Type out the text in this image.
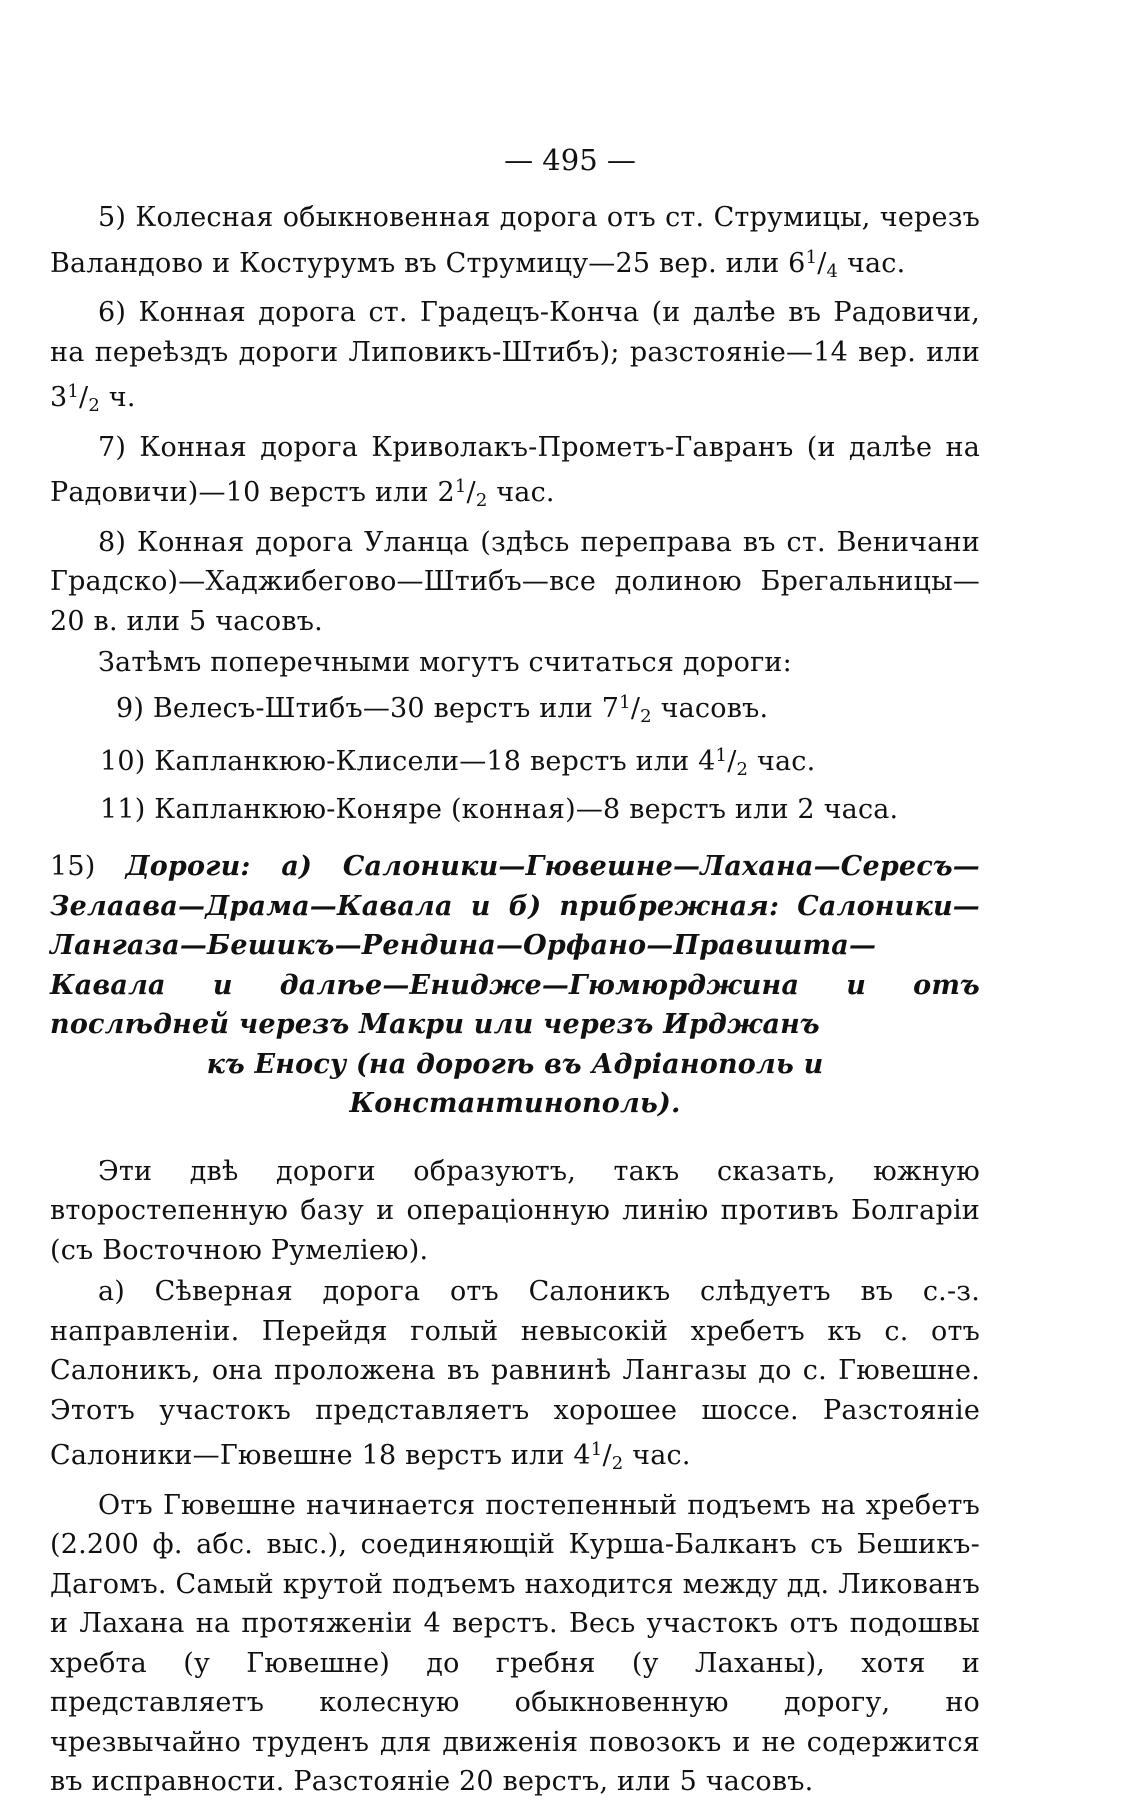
— 495 —

5) Колесная обыкновенная дорога отъ ст. Струмицы, черезъ Валандово и Костурумъ въ Струмицу—25 вер. или $6^1/_4$ час.

6) Конная дорога ст. Градецъ-Конча (и далѣе въ Радовичи, на переѣздъ дороги Липовикъ-Штибъ); разстояніе—14 вер. или $3^1/_2$ ч.

7) Конная дорога Криволакъ-Прометъ-Гавранъ (и далѣе на Радовичи)—10 верстъ или $2^1/_2$ час.

8) Конная дорога Уланца (здѣсь переправа въ ст. Веничани Градско)—Хаджибегово—Штибъ—все долиною Брегальницы—20 в. или 5 часовъ.

Затѣмъ поперечными могутъ считаться дороги:

9) Велесъ-Штибъ—30 верстъ или $7^1/_2$ часовъ.

10) Капланкюю-Клисели—18 верстъ или $4^1/_2$ час.

11) Капланкюю-Коняре (конная)—8 верстъ или 2 часа.

15) Дороги: а) Салоники—Гювешне—Лахана—Сересъ—Зелаава—Драма—Кавала и б) прибрежная: Салоники—Лангаза—Бешикъ—Рендина—Орфано—Правишта—Кавала и далѣе—Ениджe—Гюмюрджина и отъ послѣдней черезъ Макри или черезъ Ирджанъ

къ Еносу (на дорогѣ въ Адріанополь и Константинополь).

Эти двѣ дороги образуютъ, такъ сказать, южную второстепенную базу и операціонную линію противъ Болгаріи (съ Восточною Румеліею).

а) Сѣверная дорога отъ Салоникъ слѣдуетъ въ с.-з. направленіи. Перейдя голый невысокій хребетъ къ с. отъ Салоникъ, она проложена въ равнинѣ Лангазы до с. Гювешне. Этотъ участокъ представляетъ хорошее шоссе. Разстояніе Салоники—Гювешне 18 верстъ или $4^1/_2$ час.

Отъ Гювешне начинается постепенный подъемъ на хребетъ (2.200 ф. абс. выс.), соединяющій Курша-Балканъ съ Бешикъ-Дагомъ. Самый крутой подъемъ находится между дд. Ликованъ и Лахана на протяженіи 4 верстъ. Весь участокъ отъ подошвы хребта (у Гювешне) до гребня (у Лаханы), хотя и представляетъ колесную обыкновенную дорогу, но чрезвычайно труденъ для движенія повозокъ и не содержится въ исправности. Разстояніе 20 верстъ, или 5 часовъ.
